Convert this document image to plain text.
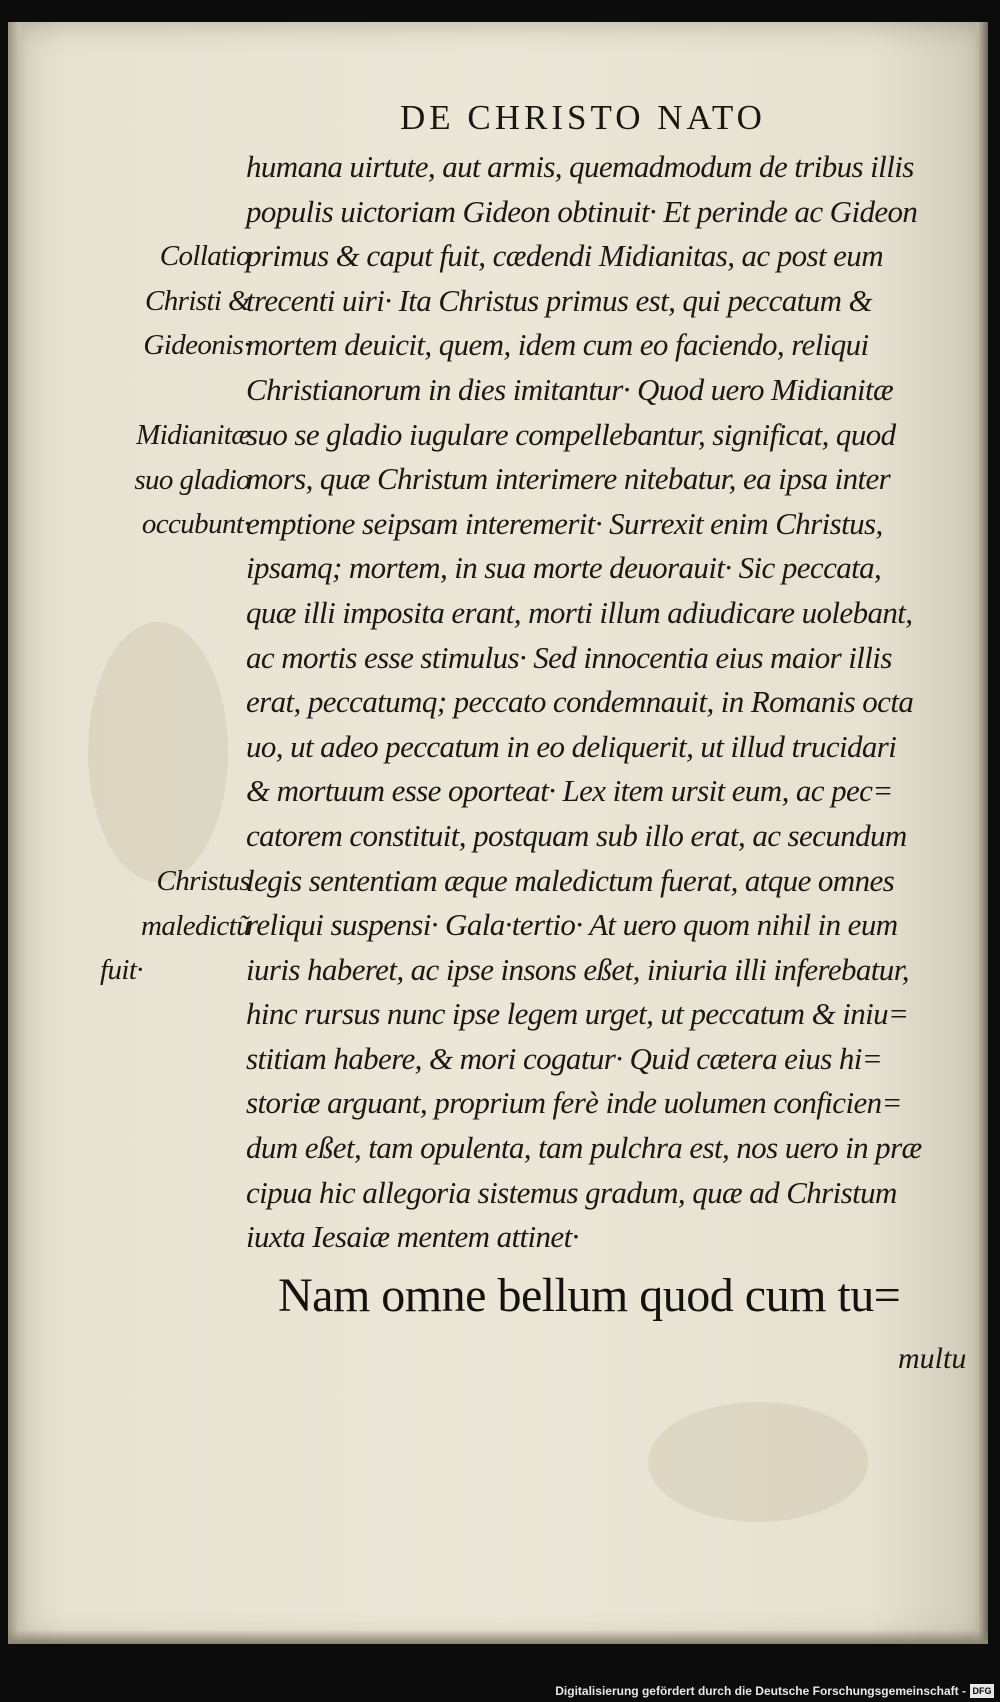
DE CHRISTO NATO
humana uirtute, aut armis, quemadmodum de tribus illis
populis uictoriam Gideon obtinuit· Et perinde ac Gideon
primus & caput fuit, cædendi Midianitas, ac post eum
trecenti uiri· Ita Christus primus est, qui peccatum &
mortem deuicit, quem, idem cum eo faciendo, reliqui
Christianorum in dies imitantur· Quod uero Midianitæ
suo se gladio iugulare compellebantur, significat, quod
mors, quæ Christum interimere nitebatur, ea ipsa inter
emptione seipsam interemerit· Surrexit enim Christus,
ipsamq; mortem, in sua morte deuorauit· Sic peccata,
quæ illi imposita erant, morti illum adiudicare uolebant,
ac mortis esse stimulus· Sed innocentia eius maior illis
erat, peccatumq; peccato condemnauit, in Romanis octa
uo, ut adeo peccatum in eo deliquerit, ut illud trucidari
& mortuum esse oporteat· Lex item ursit eum, ac pec=
catorem constituit, postquam sub illo erat, ac secundum
legis sententiam æque maledictum fuerat, atque omnes
reliqui suspensi· Gala·tertio· At uero quom nihil in eum
iuris haberet, ac ipse insons eßet, iniuria illi inferebatur,
hinc rursus nunc ipse legem urget, ut peccatum & iniu=
stitiam habere, & mori cogatur· Quid cætera eius hi=
storiæ arguant, proprium ferè inde uolumen conficien=
dum eßet, tam opulenta, tam pulchra est, nos uero in præ
cipua hic allegoria sistemus gradum, quæ ad Christum
iuxta Iesaiæ mentem attinet·
Collatio
Christi &
Gideonis·
Midianitæ
suo gladio
occubunt·
Christus
maledictũ
fuit·
Nam omne bellum quod cum tu=
multu
Digitalisierung gefördert durch die Deutsche Forschungsgemeinschaft - DFG
